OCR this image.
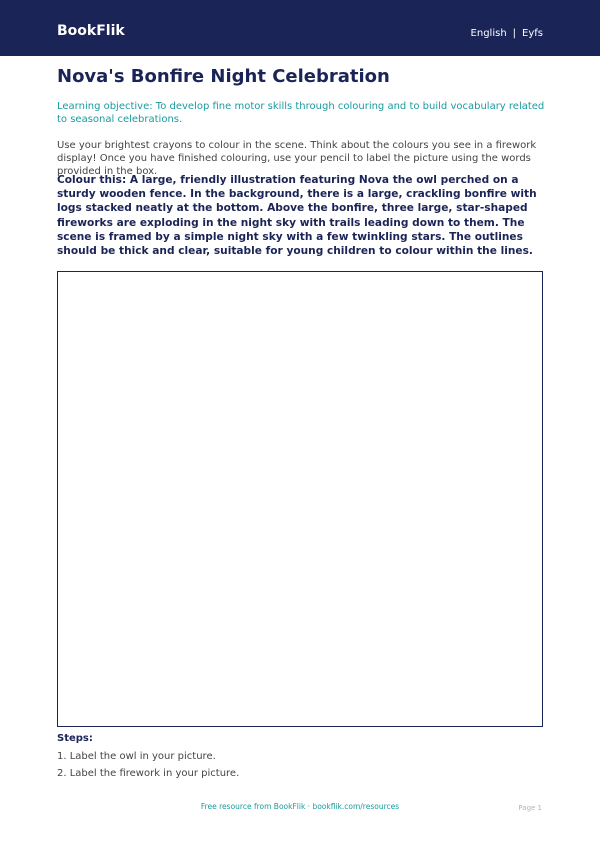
BookFlik	English | Eyfs
Nova's Bonfire Night Celebration

Learning objective: To develop fine motor skills through colouring and to build vocabulary related to seasonal celebrations.

Use your brightest crayons to colour in the scene. Think about the colours you see in a firework display! Once you have finished colouring, use your pencil to label the picture using the words provided in the box.

Colour this: A large, friendly illustration featuring Nova the owl perched on a sturdy wooden fence. In the background, there is a large, crackling bonfire with logs stacked neatly at the bottom. Above the bonfire, three large, star-shaped fireworks are exploding in the night sky with trails leading down to them. The scene is framed by a simple night sky with a few twinkling stars. The outlines should be thick and clear, suitable for young children to colour within the lines.

Steps:
1. Label the owl in your picture.
2. Label the firework in your picture.
Free resource from BookFlik · bookflik.com/resources	Page 1
